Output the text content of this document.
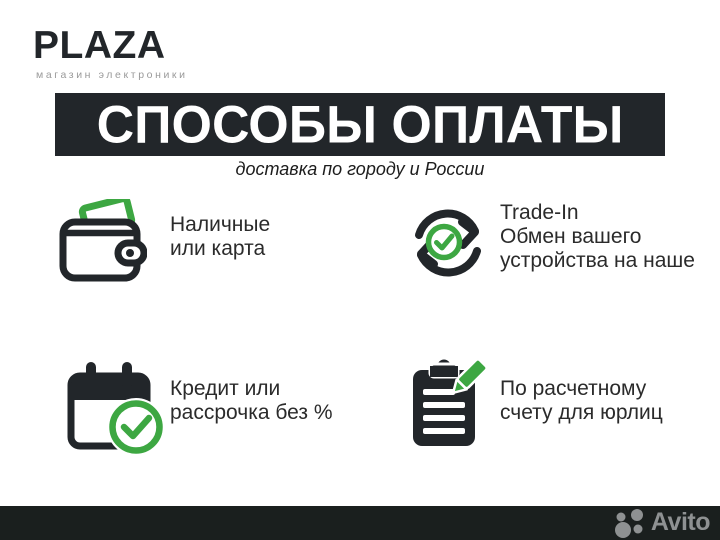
PLAZA
магазин электроники
СПОСОБЫ ОПЛАТЫ
доставка по городу и России
Наличные
или карта
Trade-In
Обмен вашего
устройства на наше
Кредит или
рассрочка без %
По расчетному
счету для юрлиц
Avito
